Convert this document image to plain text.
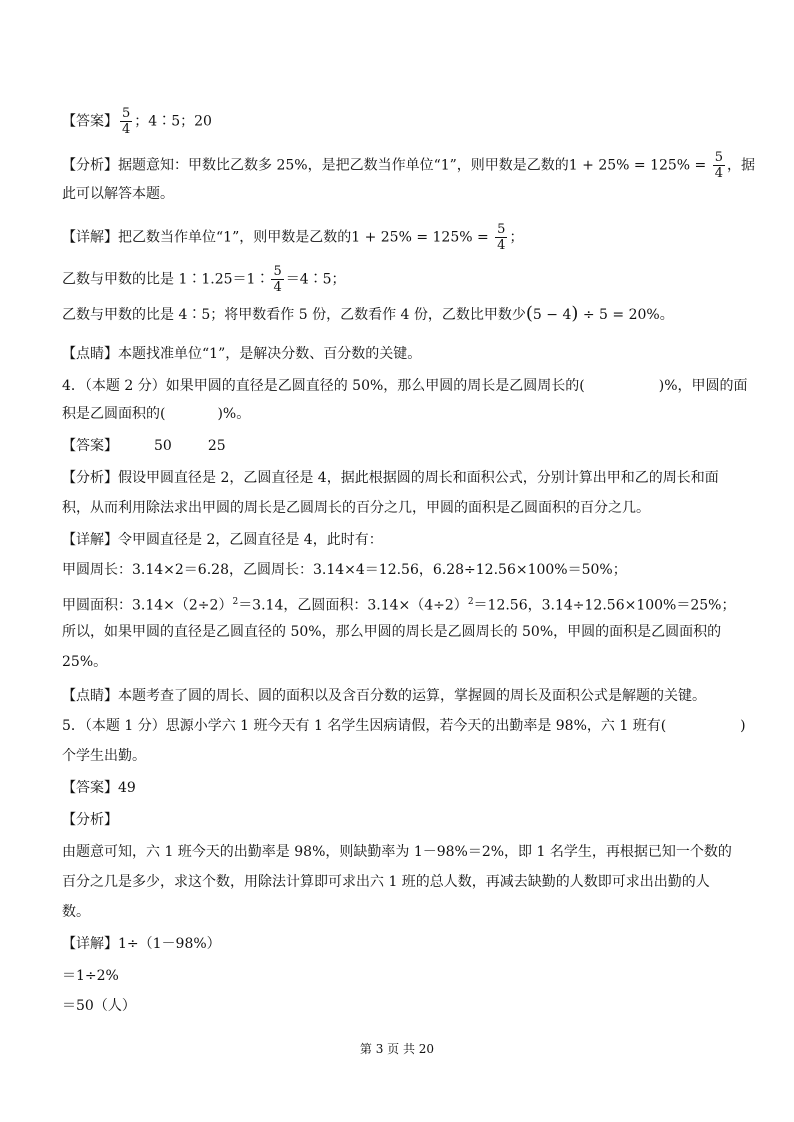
【答案】 $\frac{5}{4}$ ；4∶5；20
【分析】据题意知：甲数比乙数多 25%，是把乙数当作单位“1”，则甲数是乙数的$1 + 25\% = 125\% = \frac{5}{4}$ ，据
此可以解答本题。
【详解】把乙数当作单位“1”，则甲数是乙数的$1 + 25\% = 125\% = \frac{5}{4}$ ；
乙数与甲数的比是 1∶1.25＝1∶ $\frac{5}{4}$ ＝4∶5；
乙数与甲数的比是 4∶5；将甲数看作 5 份，乙数看作 4 份，乙数比甲数少(5 − 4) ÷ 5 = 20%。
【点睛】本题找准单位“1”，是解决分数、百分数的关键。
4．（本题 2 分）如果甲圆的直径是乙圆直径的 50%，那么甲圆的周长是乙圆周长的(	)%，甲圆的面
积是乙圆面积的(	)%。
【答案】	50	25
【分析】假设甲圆直径是 2，乙圆直径是 4，据此根据圆的周长和面积公式，分别计算出甲和乙的周长和面
积，从而利用除法求出甲圆的周长是乙圆周长的百分之几，甲圆的面积是乙圆面积的百分之几。
【详解】令甲圆直径是 2，乙圆直径是 4，此时有：
甲圆周长：3.14×2＝6.28，乙圆周长：3.14×4＝12.56，6.28÷12.56×100%＝50%；
甲圆面积：$3.14\times(2\div 2)^2=3.14$，乙圆面积：$3.14\times(4\div 2)^2=12.56$，3.14÷12.56×100%＝25%；
所以，如果甲圆的直径是乙圆直径的 50%，那么甲圆的周长是乙圆周长的 50%，甲圆的面积是乙圆面积的
25%。
【点睛】本题考查了圆的周长、圆的面积以及含百分数的运算，掌握圆的周长及面积公式是解题的关键。
5．（本题 1 分）思源小学六 1 班今天有 1 名学生因病请假，若今天的出勤率是 98%，六 1 班有(	)
个学生出勤。
【答案】49
【分析】
由题意可知，六 1 班今天的出勤率是 98%，则缺勤率为 1－98%＝2%，即 1 名学生，再根据已知一个数的
百分之几是多少，求这个数，用除法计算即可求出六 1 班的总人数，再减去缺勤的人数即可求出出勤的人
数。
【详解】1÷（1－98%）
＝1÷2%
＝50（人）
第 3 页 共 20
